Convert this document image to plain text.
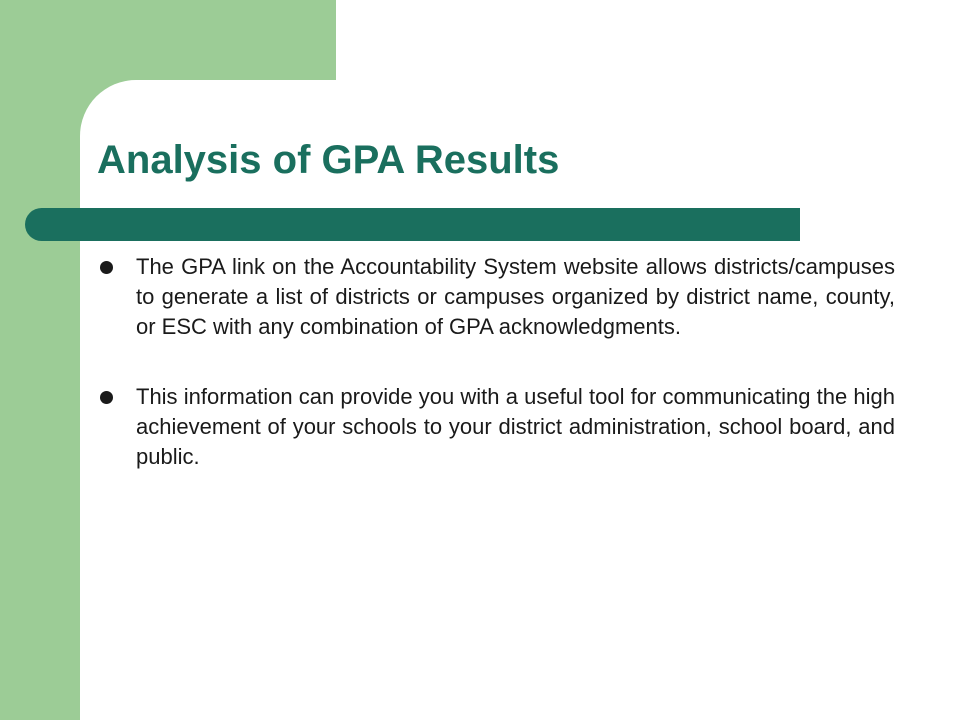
Analysis of GPA Results
The GPA link on the Accountability System website allows districts/campuses to generate a list of districts or campuses organized by district name, county, or ESC with any combination of GPA acknowledgments.
This information can provide you with a useful tool for communicating the high achievement of your schools to your district administration, school board, and public.
